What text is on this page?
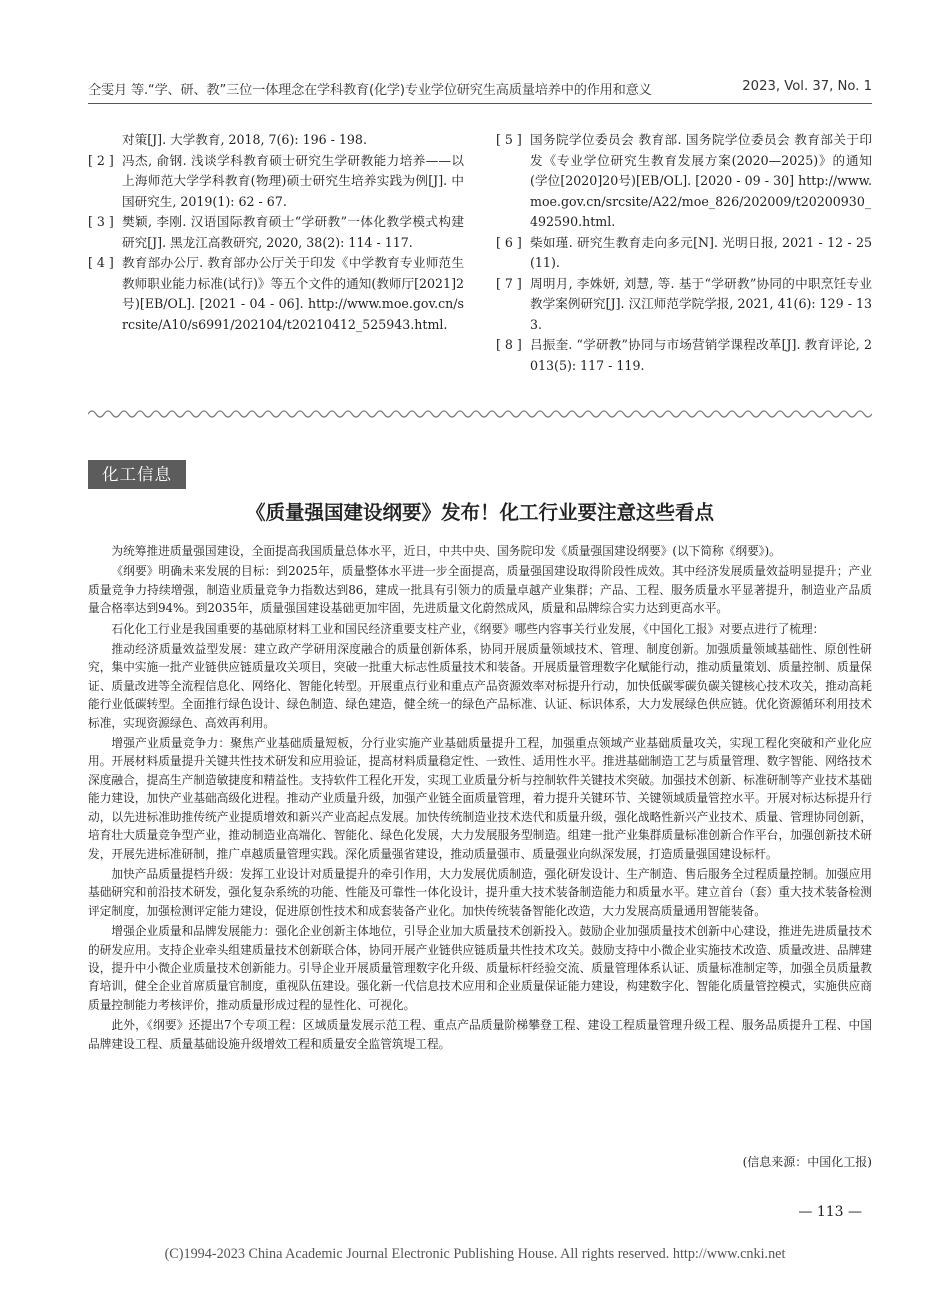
仝雯月 等.“学、研、教”三位一体理念在学科教育(化学)专业学位研究生高质量培养中的作用和意义	2023, Vol. 37, No. 1
对策[J]. 大学教育, 2018, 7(6): 196 - 198.
[ 2 ] 冯杰, 俞钢. 浅谈学科教育硕士研究生学研教能力培养——以上海师范大学学科教育(物理)硕士研究生培养实践为例[J]. 中国研究生, 2019(1): 62 - 67.
[ 3 ] 樊颖, 李刚. 汉语国际教育硕士“学研教”一体化教学模式构建研究[J]. 黑龙江高教研究, 2020, 38(2): 114 - 117.
[ 4 ] 教育部办公厅. 教育部办公厅关于印发《中学教育专业师范生教师职业能力标准(试行)》等五个文件的通知(教师厅[2021]2号)[EB/OL]. [2021 - 04 - 06]. http://www.moe.gov.cn/srcsite/A10/s6991/202104/t20210412_525943.html.
[ 5 ] 国务院学位委员会 教育部. 国务院学位委员会 教育部关于印发《专业学位研究生教育发展方案(2020—2025)》的通知(学位[2020]20号)[EB/OL]. [2020 - 09 - 30] http://www.moe.gov.cn/srcsite/A22/moe_826/202009/t20200930_492590.html.
[ 6 ] 柴如瑾. 研究生教育走向多元[N]. 光明日报, 2021 - 12 - 25(11).
[ 7 ] 周明月, 李姝妍, 刘慧, 等. 基于“学研教”协同的中职烹饪专业教学案例研究[J]. 汉江师范学院学报, 2021, 41(6): 129 - 133.
[ 8 ] 吕振奎. “学研教”协同与市场营销学课程改革[J]. 教育评论, 2013(5): 117 - 119.
化工信息
《质量强国建设纲要》发布！化工行业要注意这些看点

为统筹推进质量强国建设，全面提高我国质量总体水平，近日，中共中央、国务院印发《质量强国建设纲要》(以下简称《纲要》)。

《纲要》明确未来发展的目标：到2025年，质量整体水平进一步全面提高，质量强国建设取得阶段性成效。其中经济发展质量效益明显提升；产业质量竞争力持续增强，制造业质量竞争力指数达到86，建成一批具有引领力的质量卓越产业集群；产品、工程、服务质量水平显著提升，制造业产品质量合格率达到94%。到2035年，质量强国建设基础更加牢固，先进质量文化蔚然成风，质量和品牌综合实力达到更高水平。

石化化工行业是我国重要的基础原材料工业和国民经济重要支柱产业，《纲要》哪些内容事关行业发展，《中国化工报》对要点进行了梳理：

推动经济质量效益型发展：建立政产学研用深度融合的质量创新体系，协同开展质量领域技术、管理、制度创新。加强质量领域基础性、原创性研究，集中实施一批产业链供应链质量攻关项目，突破一批重大标志性质量技术和装备。开展质量管理数字化赋能行动，推动质量策划、质量控制、质量保证、质量改进等全流程信息化、网络化、智能化转型。开展重点行业和重点产品资源效率对标提升行动，加快低碳零碳负碳关键核心技术攻关，推动高耗能行业低碳转型。全面推行绿色设计、绿色制造、绿色建造，健全统一的绿色产品标准、认证、标识体系，大力发展绿色供应链。优化资源循环利用技术标准，实现资源绿色、高效再利用。

增强产业质量竞争力：聚焦产业基础质量短板，分行业实施产业基础质量提升工程，加强重点领域产业基础质量攻关，实现工程化突破和产业化应用。开展材料质量提升关键共性技术研发和应用验证，提高材料质量稳定性、一致性、适用性水平。推进基础制造工艺与质量管理、数字智能、网络技术深度融合，提高生产制造敏捷度和精益性。支持软件工程化开发，实现工业质量分析与控制软件关键技术突破。加强技术创新、标准研制等产业技术基础能力建设，加快产业基础高级化进程。推动产业质量升级，加强产业链全面质量管理，着力提升关键环节、关键领域质量管控水平。开展对标达标提升行动，以先进标准助推传统产业提质增效和新兴产业高起点发展。加快传统制造业技术迭代和质量升级，强化战略性新兴产业技术、质量、管理协同创新，培育壮大质量竞争型产业，推动制造业高端化、智能化、绿色化发展，大力发展服务型制造。组建一批产业集群质量标准创新合作平台，加强创新技术研发，开展先进标准研制，推广卓越质量管理实践。深化质量强省建设，推动质量强市、质量强业向纵深发展，打造质量强国建设标杆。

加快产品质量提档升级：发挥工业设计对质量提升的牵引作用，大力发展优质制造，强化研发设计、生产制造、售后服务全过程质量控制。加强应用基础研究和前沿技术研发，强化复杂系统的功能、性能及可靠性一体化设计，提升重大技术装备制造能力和质量水平。建立首台（套）重大技术装备检测评定制度，加强检测评定能力建设，促进原创性技术和成套装备产业化。加快传统装备智能化改造，大力发展高质量通用智能装备。

增强企业质量和品牌发展能力：强化企业创新主体地位，引导企业加大质量技术创新投入。鼓励企业加强质量技术创新中心建设，推进先进质量技术的研发应用。支持企业牵头组建质量技术创新联合体，协同开展产业链供应链质量共性技术攻关。鼓励支持中小微企业实施技术改造、质量改进、品牌建设，提升中小微企业质量技术创新能力。引导企业开展质量管理数字化升级、质量标杆经验交流、质量管理体系认证、质量标准制定等，加强全员质量教育培训，健全企业首席质量官制度，重视队伍建设。强化新一代信息技术应用和企业质量保证能力建设，构建数字化、智能化质量管控模式，实施供应商质量控制能力考核评价，推动质量形成过程的显性化、可视化。

此外，《纲要》还提出7个专项工程：区域质量发展示范工程、重点产品质量阶梯攀登工程、建设工程质量管理升级工程、服务品质提升工程、中国品牌建设工程、质量基础设施升级增效工程和质量安全监管筑堤工程。

(信息来源：中国化工报)
— 113 —
(C)1994-2023 China Academic Journal Electronic Publishing House. All rights reserved. http://www.cnki.net
